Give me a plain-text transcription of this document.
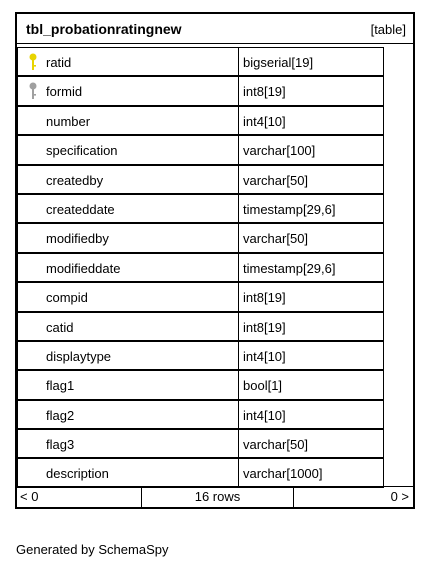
tbl_probationratingnew	[table]
ratid	bigserial[19]
formid	int8[19]
number	int4[10]
specification	varchar[100]
createdby	varchar[50]
createddate	timestamp[29,6]
modifiedby	varchar[50]
modifieddate	timestamp[29,6]
compid	int8[19]
catid	int8[19]
displaytype	int4[10]
flag1	bool[1]
flag2	int4[10]
flag3	varchar[50]
description	varchar[1000]
< 0	16 rows	0 >
Generated by SchemaSpy
